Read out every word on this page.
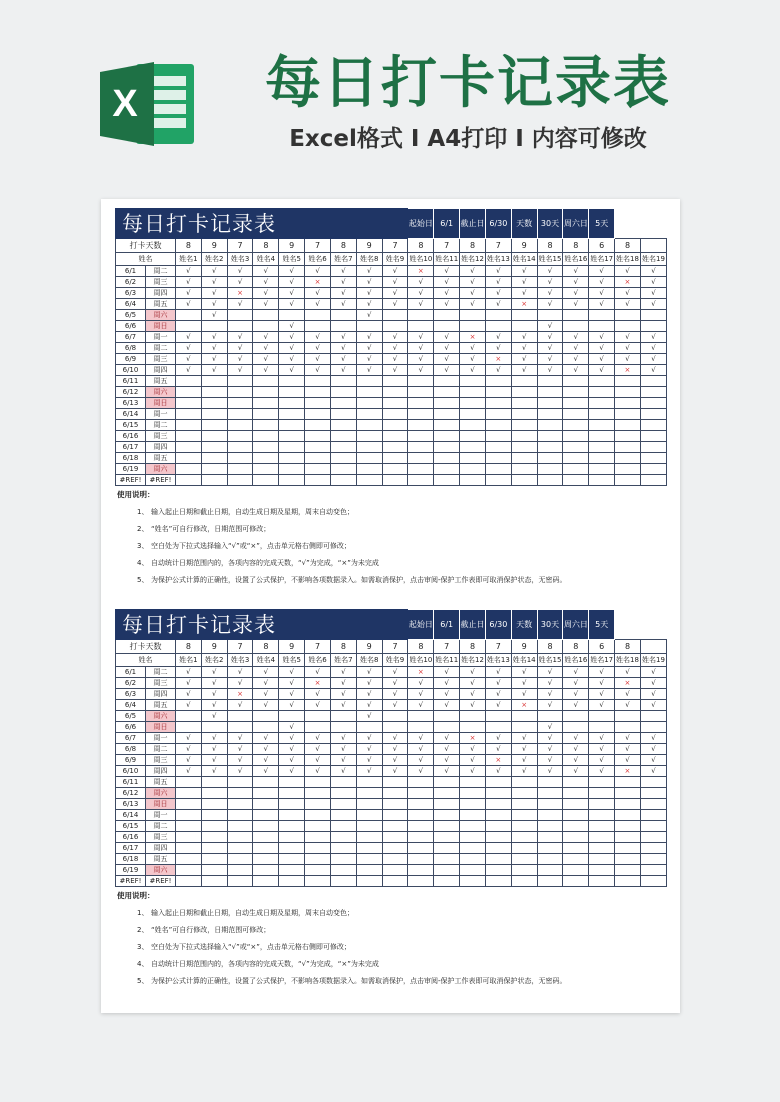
X	每日打卡记录表
Excel格式 Ⅰ A4打印 Ⅰ 内容可修改
每日打卡记录表											起始日	6/1	截止日	6/30	天数	30天	周六日	5天		
打卡天数		8	9	7	8	9	7	8	9	7	8	7	8	7	9	8	8	6	8	
姓名		姓名1	姓名2	姓名3	姓名4	姓名5	姓名6	姓名7	姓名8	姓名9	姓名10	姓名11	姓名12	姓名13	姓名14	姓名15	姓名16	姓名17	姓名18	姓名19
6/1	周二	√	√	√	√	√	√	√	√	√	×	√	√	√	√	√	√	√	√	√
6/2	周三	√	√	√	√	√	×	√	√	√	√	√	√	√	√	√	√	√	×	√
6/3	周四	√	√	×	√	√	√	√	√	√	√	√	√	√	√	√	√	√	√	√
6/4	周五	√	√	√	√	√	√	√	√	√	√	√	√	√	×	√	√	√	√	√
6/5	周六		√						√											
6/6	周日					√										√				
6/7	周一	√	√	√	√	√	√	√	√	√	√	√	×	√	√	√	√	√	√	√
6/8	周二	√	√	√	√	√	√	√	√	√	√	√	√	√	√	√	√	√	√	√
6/9	周三	√	√	√	√	√	√	√	√	√	√	√	√	×	√	√	√	√	√	√
6/10	周四	√	√	√	√	√	√	√	√	√	√	√	√	√	√	√	√	√	×	√
6/11	周五																			
6/12	周六																			
6/13	周日																			
6/14	周一																			
6/15	周二																			
6/16	周三																			
6/17	周四																			
6/18	周五																			
6/19	周六																			
#REF!	#REF!																			
使用说明：
1、 输入起止日期和截止日期，自动生成日期及星期，周末自动变色；
2、 “姓名”可自行修改，日期范围可修改；
3、 空白处为下拉式选择输入“√”或“×”，点击单元格右侧即可修改；
4、 自动统计日期范围内的，各项内容的完成天数，“√”为完成，“×”为未完成
5、 为保护公式计算的正确性，设置了公式保护，不影响各项数据录入。如需取消保护，点击审阅-保护工作表即可取消保护状态，无密码。
每日打卡记录表											起始日	6/1	截止日	6/30	天数	30天	周六日	5天		
打卡天数		8	9	7	8	9	7	8	9	7	8	7	8	7	9	8	8	6	8	
姓名		姓名1	姓名2	姓名3	姓名4	姓名5	姓名6	姓名7	姓名8	姓名9	姓名10	姓名11	姓名12	姓名13	姓名14	姓名15	姓名16	姓名17	姓名18	姓名19
6/1	周二	√	√	√	√	√	√	√	√	√	×	√	√	√	√	√	√	√	√	√
6/2	周三	√	√	√	√	√	×	√	√	√	√	√	√	√	√	√	√	√	×	√
6/3	周四	√	√	×	√	√	√	√	√	√	√	√	√	√	√	√	√	√	√	√
6/4	周五	√	√	√	√	√	√	√	√	√	√	√	√	√	×	√	√	√	√	√
6/5	周六		√						√											
6/6	周日					√										√				
6/7	周一	√	√	√	√	√	√	√	√	√	√	√	×	√	√	√	√	√	√	√
6/8	周二	√	√	√	√	√	√	√	√	√	√	√	√	√	√	√	√	√	√	√
6/9	周三	√	√	√	√	√	√	√	√	√	√	√	√	×	√	√	√	√	√	√
6/10	周四	√	√	√	√	√	√	√	√	√	√	√	√	√	√	√	√	√	×	√
6/11	周五																			
6/12	周六																			
6/13	周日																			
6/14	周一																			
6/15	周二																			
6/16	周三																			
6/17	周四																			
6/18	周五																			
6/19	周六																			
#REF!	#REF!																			
使用说明：
1、 输入起止日期和截止日期，自动生成日期及星期，周末自动变色；
2、 “姓名”可自行修改，日期范围可修改；
3、 空白处为下拉式选择输入“√”或“×”，点击单元格右侧即可修改；
4、 自动统计日期范围内的，各项内容的完成天数，“√”为完成，“×”为未完成
5、 为保护公式计算的正确性，设置了公式保护，不影响各项数据录入。如需取消保护，点击审阅-保护工作表即可取消保护状态，无密码。
